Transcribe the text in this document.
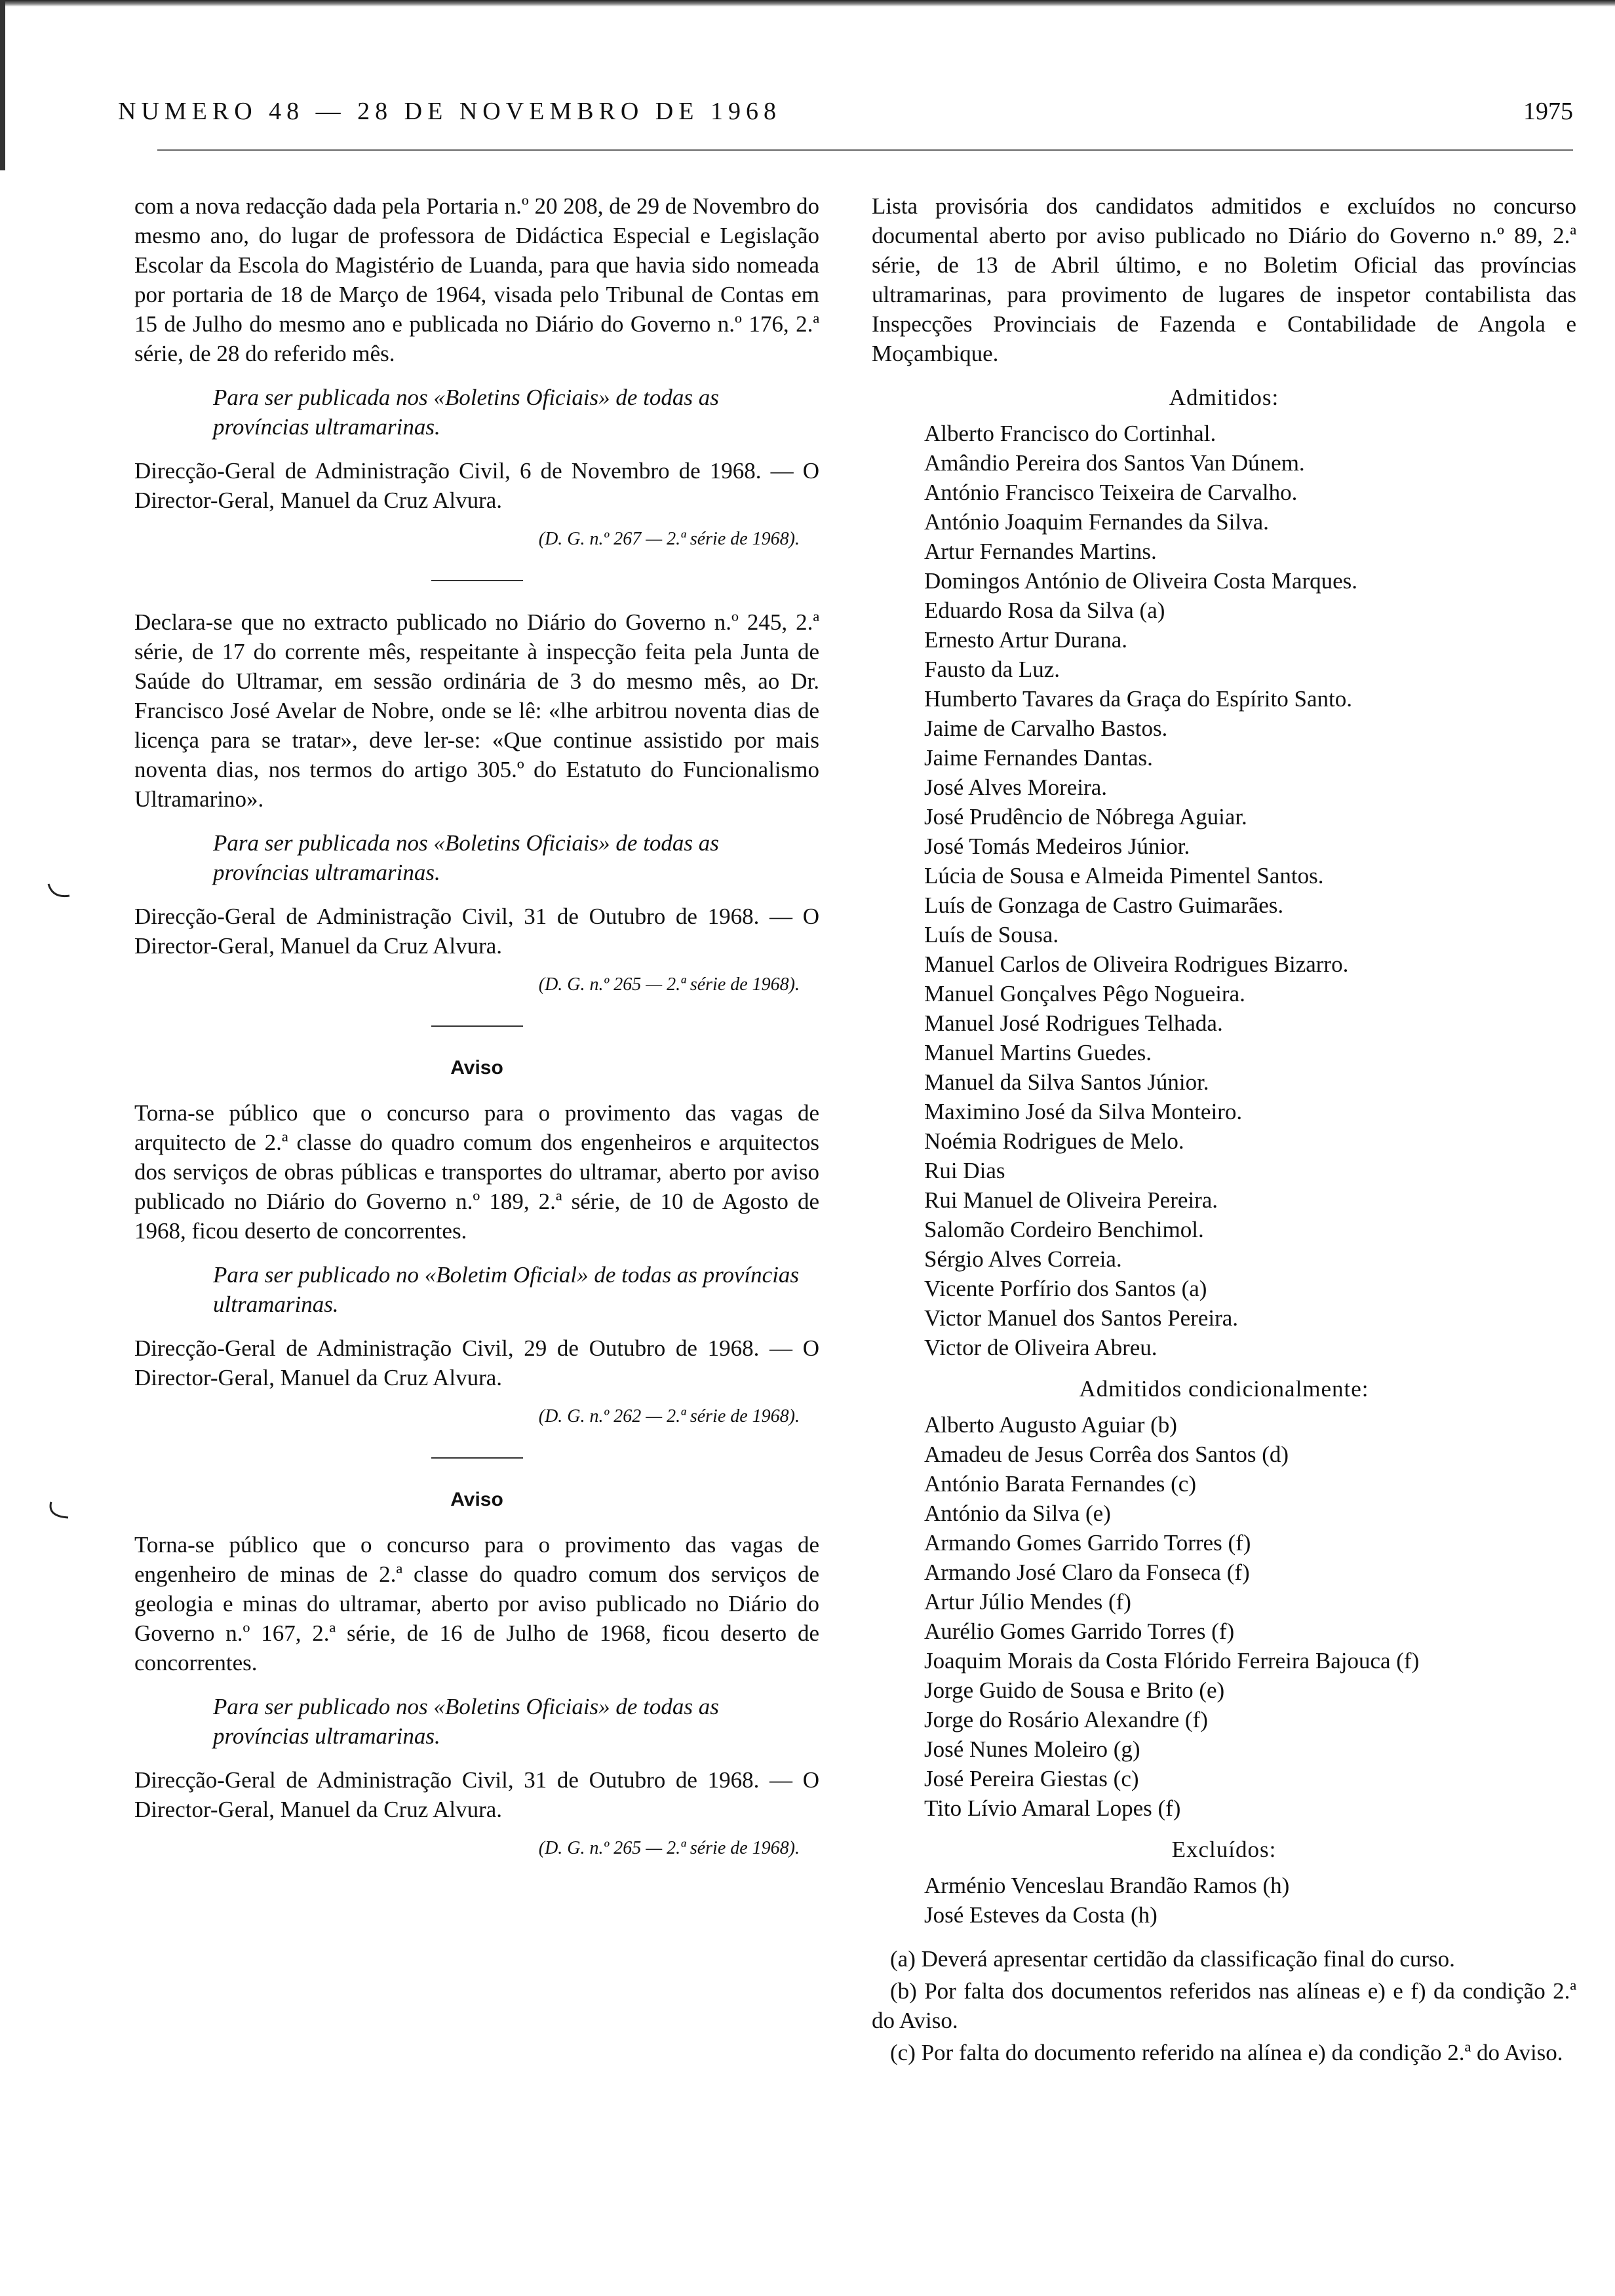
NUMERO 48 — 28 DE NOVEMBRO DE 1968	1975

com a nova redacção dada pela Portaria n.º 20 208, de 29 de Novembro do mesmo ano, do lugar de professora de Didáctica Especial e Legislação Escolar da Escola do Magistério de Luanda, para que havia sido nomeada por portaria de 18 de Março de 1964, visada pelo Tribunal de Contas em 15 de Julho do mesmo ano e publicada no Diário do Governo n.º 176, 2.ª série, de 28 do referido mês.

Para ser publicada nos «Boletins Oficiais» de todas as províncias ultramarinas.

Direcção-Geral de Administração Civil, 6 de Novembro de 1968. — O Director-Geral, Manuel da Cruz Alvura.

(D. G. n.º 267 — 2.ª série de 1968).

Declara-se que no extracto publicado no Diário do Governo n.º 245, 2.ª série, de 17 do corrente mês, respeitante à inspecção feita pela Junta de Saúde do Ultramar, em sessão ordinária de 3 do mesmo mês, ao Dr. Francisco José Avelar de Nobre, onde se lê: «lhe arbitrou noventa dias de licença para se tratar», deve ler-se: «Que continue assistido por mais noventa dias, nos termos do artigo 305.º do Estatuto do Funcionalismo Ultramarino».

Para ser publicada nos «Boletins Oficiais» de todas as províncias ultramarinas.

Direcção-Geral de Administração Civil, 31 de Outubro de 1968. — O Director-Geral, Manuel da Cruz Alvura.

(D. G. n.º 265 — 2.ª série de 1968).

Aviso

Torna-se público que o concurso para o provimento das vagas de arquitecto de 2.ª classe do quadro comum dos engenheiros e arquitectos dos serviços de obras públicas e transportes do ultramar, aberto por aviso publicado no Diário do Governo n.º 189, 2.ª série, de 10 de Agosto de 1968, ficou deserto de concorrentes.

Para ser publicado no «Boletim Oficial» de todas as províncias ultramarinas.

Direcção-Geral de Administração Civil, 29 de Outubro de 1968. — O Director-Geral, Manuel da Cruz Alvura.

(D. G. n.º 262 — 2.ª série de 1968).

Aviso

Torna-se público que o concurso para o provimento das vagas de engenheiro de minas de 2.ª classe do quadro comum dos serviços de geologia e minas do ultramar, aberto por aviso publicado no Diário do Governo n.º 167, 2.ª série, de 16 de Julho de 1968, ficou deserto de concorrentes.

Para ser publicado nos «Boletins Oficiais» de todas as províncias ultramarinas.

Direcção-Geral de Administração Civil, 31 de Outubro de 1968. — O Director-Geral, Manuel da Cruz Alvura.

(D. G. n.º 265 — 2.ª série de 1968).

Lista provisória dos candidatos admitidos e excluídos no concurso documental aberto por aviso publicado no Diário do Governo n.º 89, 2.ª série, de 13 de Abril último, e no Boletim Oficial das províncias ultramarinas, para provimento de lugares de inspetor contabilista das Inspecções Provinciais de Fazenda e Contabilidade de Angola e Moçambique.

Admitidos:

Alberto Francisco do Cortinhal.
Amândio Pereira dos Santos Van Dúnem.
António Francisco Teixeira de Carvalho.
António Joaquim Fernandes da Silva.
Artur Fernandes Martins.
Domingos António de Oliveira Costa Marques.
Eduardo Rosa da Silva (a)
Ernesto Artur Durana.
Fausto da Luz.
Humberto Tavares da Graça do Espírito Santo.
Jaime de Carvalho Bastos.
Jaime Fernandes Dantas.
José Alves Moreira.
José Prudêncio de Nóbrega Aguiar.
José Tomás Medeiros Júnior.
Lúcia de Sousa e Almeida Pimentel Santos.
Luís de Gonzaga de Castro Guimarães.
Luís de Sousa.
Manuel Carlos de Oliveira Rodrigues Bizarro.
Manuel Gonçalves Pêgo Nogueira.
Manuel José Rodrigues Telhada.
Manuel Martins Guedes.
Manuel da Silva Santos Júnior.
Maximino José da Silva Monteiro.
Noémia Rodrigues de Melo.
Rui Dias
Rui Manuel de Oliveira Pereira.
Salomão Cordeiro Benchimol.
Sérgio Alves Correia.
Vicente Porfírio dos Santos (a)
Victor Manuel dos Santos Pereira.
Victor de Oliveira Abreu.

Admitidos condicionalmente:

Alberto Augusto Aguiar (b)
Amadeu de Jesus Corrêa dos Santos (d)
António Barata Fernandes (c)
António da Silva (e)
Armando Gomes Garrido Torres (f)
Armando José Claro da Fonseca (f)
Artur Júlio Mendes (f)
Aurélio Gomes Garrido Torres (f)
Joaquim Morais da Costa Flórido Ferreira Bajouca (f)
Jorge Guido de Sousa e Brito (e)
Jorge do Rosário Alexandre (f)
José Nunes Moleiro (g)
José Pereira Giestas (c)
Tito Lívio Amaral Lopes (f)

Excluídos:

Arménio Venceslau Brandão Ramos (h)
José Esteves da Costa (h)

(a) Deverá apresentar certidão da classificação final do curso.

(b) Por falta dos documentos referidos nas alíneas e) e f) da condição 2.ª do Aviso.

(c) Por falta do documento referido na alínea e) da condição 2.ª do Aviso.
